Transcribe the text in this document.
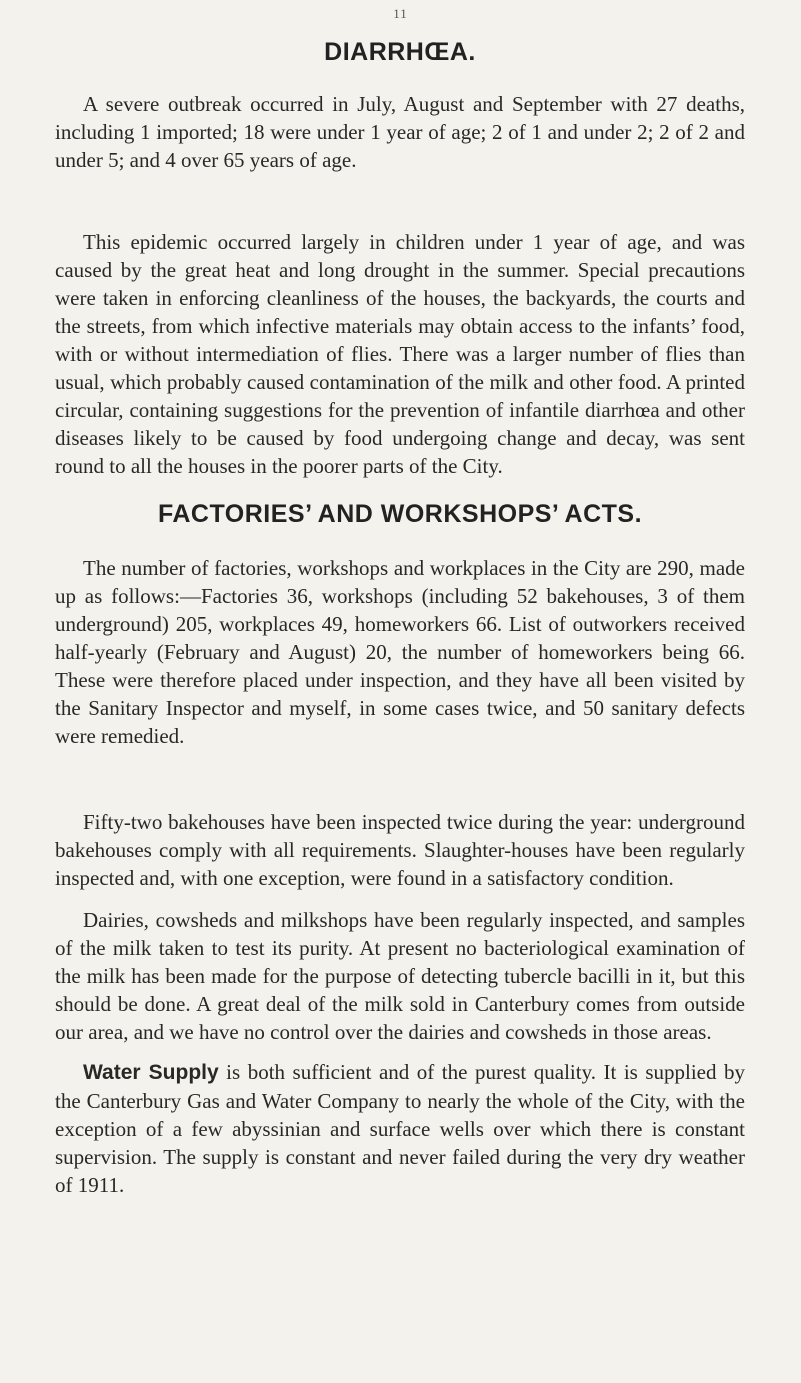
11
DIARRHŒA.

A severe outbreak occurred in July, August and September with 27 deaths, including 1 imported; 18 were under 1 year of age; 2 of 1 and under 2; 2 of 2 and under 5; and 4 over 65 years of age.

This epidemic occurred largely in children under 1 year of age, and was caused by the great heat and long drought in the summer. Special precautions were taken in enforcing cleanliness of the houses, the backyards, the courts and the streets, from which infective materials may obtain access to the infants’ food, with or without intermediation of flies. There was a larger number of flies than usual, which probably caused contamination of the milk and other food. A printed circular, containing suggestions for the prevention of infantile diarrhœa and other diseases likely to be caused by food undergoing change and decay, was sent round to all the houses in the poorer parts of the City.

FACTORIES’ AND WORKSHOPS’ ACTS.

The number of factories, workshops and workplaces in the City are 290, made up as follows:—Factories 36, workshops (including 52 bakehouses, 3 of them underground) 205, workplaces 49, homeworkers 66. List of outworkers received half-yearly (February and August) 20, the number of homeworkers being 66. These were therefore placed under inspection, and they have all been visited by the Sanitary Inspector and myself, in some cases twice, and 50 sanitary defects were remedied.

Fifty-two bakehouses have been inspected twice during the year: underground bakehouses comply with all requirements. Slaughter-houses have been regularly inspected and, with one exception, were found in a satisfactory condition.

Dairies, cowsheds and milkshops have been regularly inspected, and samples of the milk taken to test its purity. At present no bacteriological examination of the milk has been made for the purpose of detecting tubercle bacilli in it, but this should be done. A great deal of the milk sold in Canterbury comes from outside our area, and we have no control over the dairies and cowsheds in those areas.

Water Supply is both sufficient and of the purest quality. It is supplied by the Canterbury Gas and Water Company to nearly the whole of the City, with the exception of a few abyssinian and surface wells over which there is constant supervision. The supply is constant and never failed during the very dry weather of 1911.
